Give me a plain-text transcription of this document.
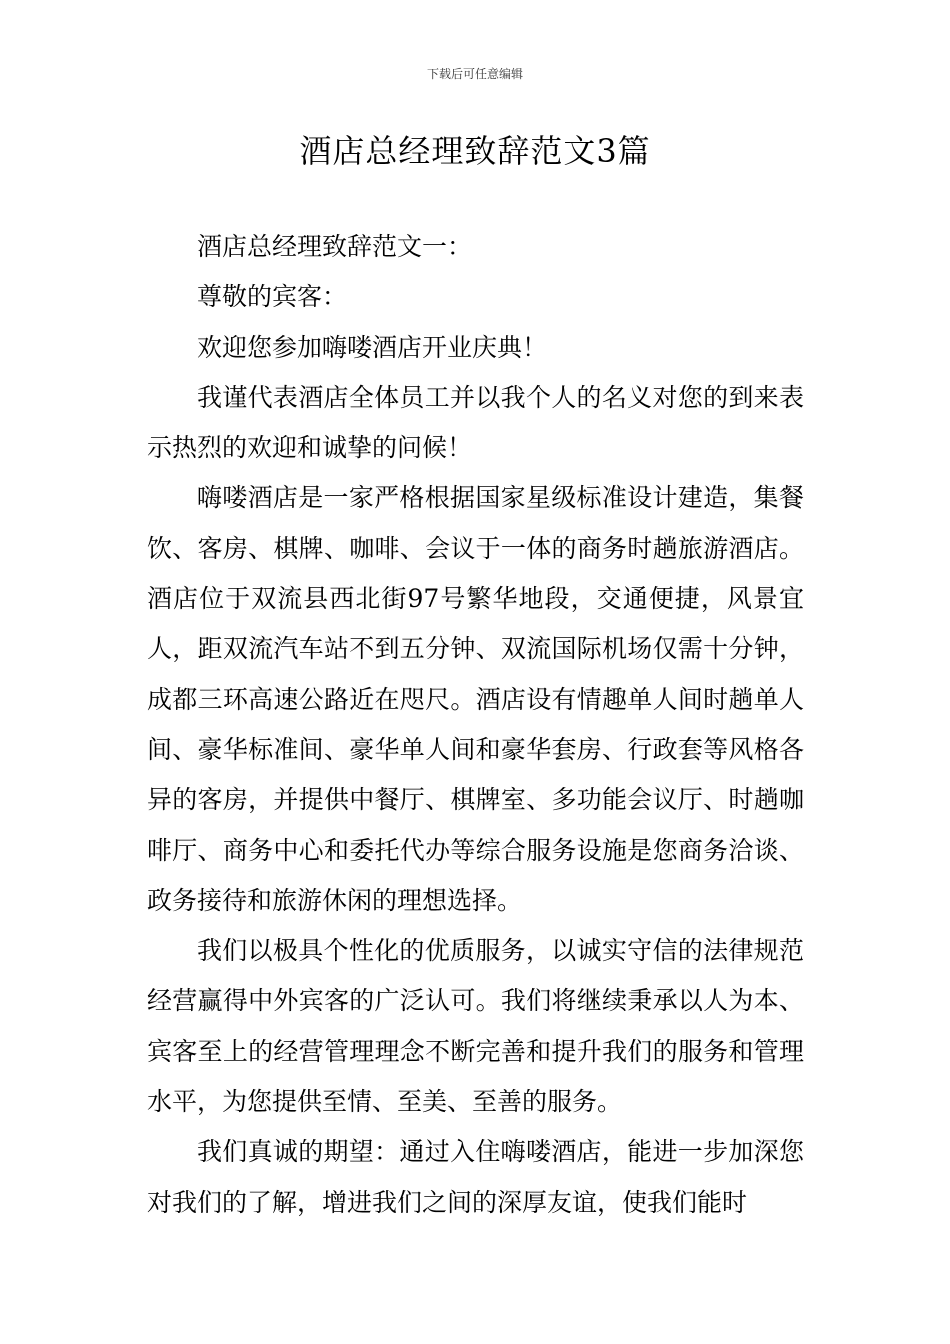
下载后可任意编辑
酒店总经理致辞范文3篇

酒店总经理致辞范文一：

尊敬的宾客：

欢迎您参加嗨喽酒店开业庆典！

我谨代表酒店全体员工并以我个人的名义对您的到来表示热烈的欢迎和诚挚的问候！

嗨喽酒店是一家严格根据国家星级标准设计建造，集餐饮、客房、棋牌、咖啡、会议于一体的商务时趟旅游酒店。酒店位于双流县西北街97号繁华地段，交通便捷，风景宜人，距双流汽车站不到五分钟、双流国际机场仅需十分钟，成都三环高速公路近在咫尺。酒店设有情趣单人间时趟单人间、豪华标准间、豪华单人间和豪华套房、行政套等风格各异的客房，并提供中餐厅、棋牌室、多功能会议厅、时趟咖啡厅、商务中心和委托代办等综合服务设施是您商务洽谈、政务接待和旅游休闲的理想选择。

我们以极具个性化的优质服务，以诚实守信的法律规范经营赢得中外宾客的广泛认可。我们将继续秉承以人为本、宾客至上的经营管理理念不断完善和提升我们的服务和管理水平，为您提供至情、至美、至善的服务。

我们真诚的期望：通过入住嗨喽酒店，能进一步加深您对我们的了解，增进我们之间的深厚友谊，使我们能时
